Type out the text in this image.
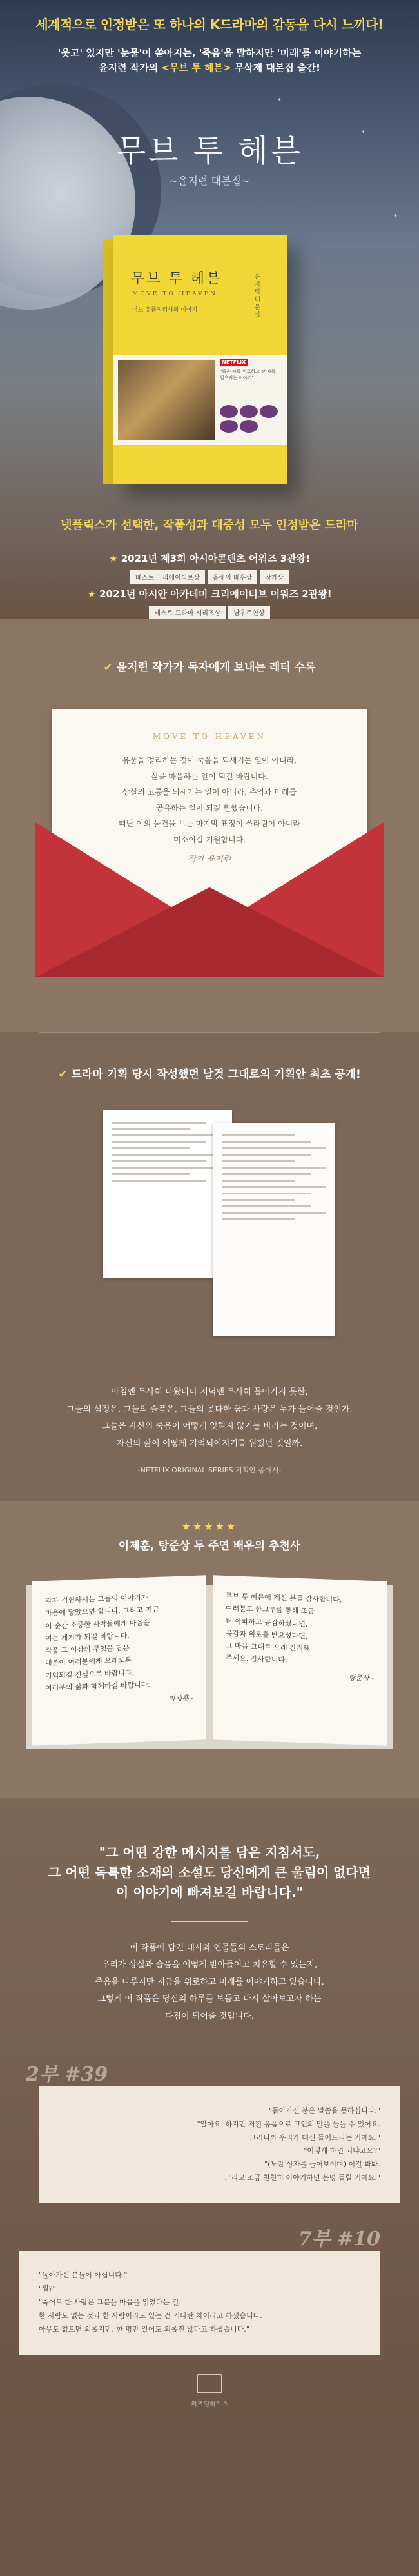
✦
✦
✦
세계적으로 인정받은 또 하나의 K드라마의 감동을 다시 느끼다!
'웃고' 있지만 '눈물'이 쏟아지는, '죽음'을 말하지만 '미래'를 이야기하는
윤지련 작가의 <무브 투 헤븐> 무삭제 대본집 출간!
무브 투 헤븐
~윤지련 대본집~
무브 투 헤븐
MOVE TO HEAVEN
어느 유품정리사의 이야기
윤지련대본집
NETFLIX
"죽은 자를 위로하고 산 자를 일으키는 이야기"
넷플릭스가 선택한, 작품성과 대중성 모두 인정받은 드라마
★ 2021년 제3회 아시아콘텐츠 어워즈 3관왕!
베스트 크리에이티브상	올해의 배우상	작가상
★ 2021년 아시안 아카데미 크리에이티브 어워즈 2관왕!
베스트 드라마 시리즈상	남우주연상
✔ 윤지련 작가가 독자에게 보내는 레터 수록
MOVE TO HEAVEN
유품을 정리하는 것이 죽음을 되새기는 일이 아니라,
삶을 마음하는 일이 되길 바랍니다.
상실의 고통을 되새기는 일이 아니라, 추억과 미래를
공유하는 일이 되길 원했습니다.
떠난 이의 물건을 보는 마지막 표정이 쓰라림이 아니라
미소이길 기원합니다.
작가 윤지련
✔ 드라마 기획 당시 작성했던 날것 그대로의 기획안 최초 공개!
아침엔 무사히 나왔다나 저녁엔 무사히 돌아가지 못한,
그들의 심정은, 그들의 슬픔은, 그들의 못다한 꿈과 사랑은 누가 들어줄 것인가.
그들은 자신의 죽음이 어떻게 잊혀지 않기를 바라는 것이며,
자신의 삶이 어떻게 기억되어지기를 원했던 것일까.
-NETFLIX ORIGINAL SERIES 기획안 중에서-
★★★★★
이제훈, 탕준상 두 주연 배우의 추천사
각자 경험하시는 그들의 이야기가
마음에 닿았으면 합니다. 그리고 지금
이 순간 소중한 사람들에게 마음을
여는 계기가 되길 바랍니다.
작품 그 이상의 무엇을 담은
대본이 여러분에게 오래도록
기억되길 진심으로 바랍니다.
여러분의 삶과 함께하길 바랍니다.
- 이제훈 -
무브 투 헤븐에 계신 분들 감사합니다.
여러분도 한그루를 통해 조금
더 아파하고 공감하셨다면,
공감과 위로를 받으셨다면,
그 마음 그대로 오래 간직해
주세요. 감사합니다.
- 탕준상 -
"그 어떤 강한 메시지를 담은 지침서도,
그 어떤 독특한 소재의 소설도 당신에게 큰 울림이 없다면
이 이야기에 빠져보길 바랍니다."
이 작품에 담긴 대사와 인물들의 스토리들은
우리가 상실과 슬픔을 어떻게 받아들이고 치유할 수 있는지,
죽음을 다루지만 지금을 위로하고 미래를 이야기하고 있습니다.
그렇게 이 작품은 당신의 하루를 보듬고 다시 살아보고자 하는
다짐이 되어줄 것입니다.
2부 #39
"돌아가신 분은 말씀을 못하십니다."
"알아요. 하지만 저흰 유품으로 고인의 말을 들을 수 있어요.
그러니까 우리가 대신 들어드리는 거예요."
"어떻게 하면 되냐고요?"
"(노란 상자를 들어보이며) 이걸 봐봐.
그리고 조금 천천히 이야기하면 분명 들릴 거예요."
7부 #10
"돌아가신 분들이 아십니다."
"뭘?"
"죽어도 한 사람은 그분을 마음을 읽었다는 걸.
한 사람도 없는 것과 한 사람이라도 있는 건 커다란 차이라고 하셨습니다.
아무도 없으면 외롭지만, 한 명만 있어도 외롭진 않다고 하셨습니다."
위즈덤하우스
